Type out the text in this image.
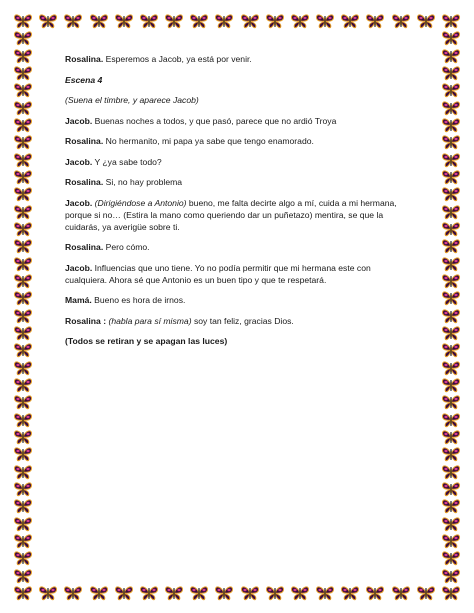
Rosalina. Esperemos a Jacob, ya está por venir.

Escena 4

(Suena el timbre, y aparece Jacob)

Jacob. Buenas noches a todos, y que pasó, parece que no ardió Troya

Rosalina. No hermanito, mi papa ya sabe que tengo enamorado.

Jacob. Y ¿ya sabe todo?

Rosalina. Si, no hay problema

Jacob. (Dirigiéndose a Antonio) bueno, me falta decirte algo a mí, cuida a mi hermana, porque si no… (Estira la mano como queriendo dar un puñetazo) mentira, se que la cuidarás, ya averigüe sobre ti.

Rosalina. Pero cómo.

Jacob. Influencias que uno tiene. Yo no podía permitir que mi hermana este con cualquiera. Ahora sé que Antonio es un buen tipo y que te respetará.

Mamá. Bueno es hora de irnos.

Rosalina : (habla para sí misma) soy tan feliz, gracias Dios.

(Todos se retiran y se apagan las luces)
